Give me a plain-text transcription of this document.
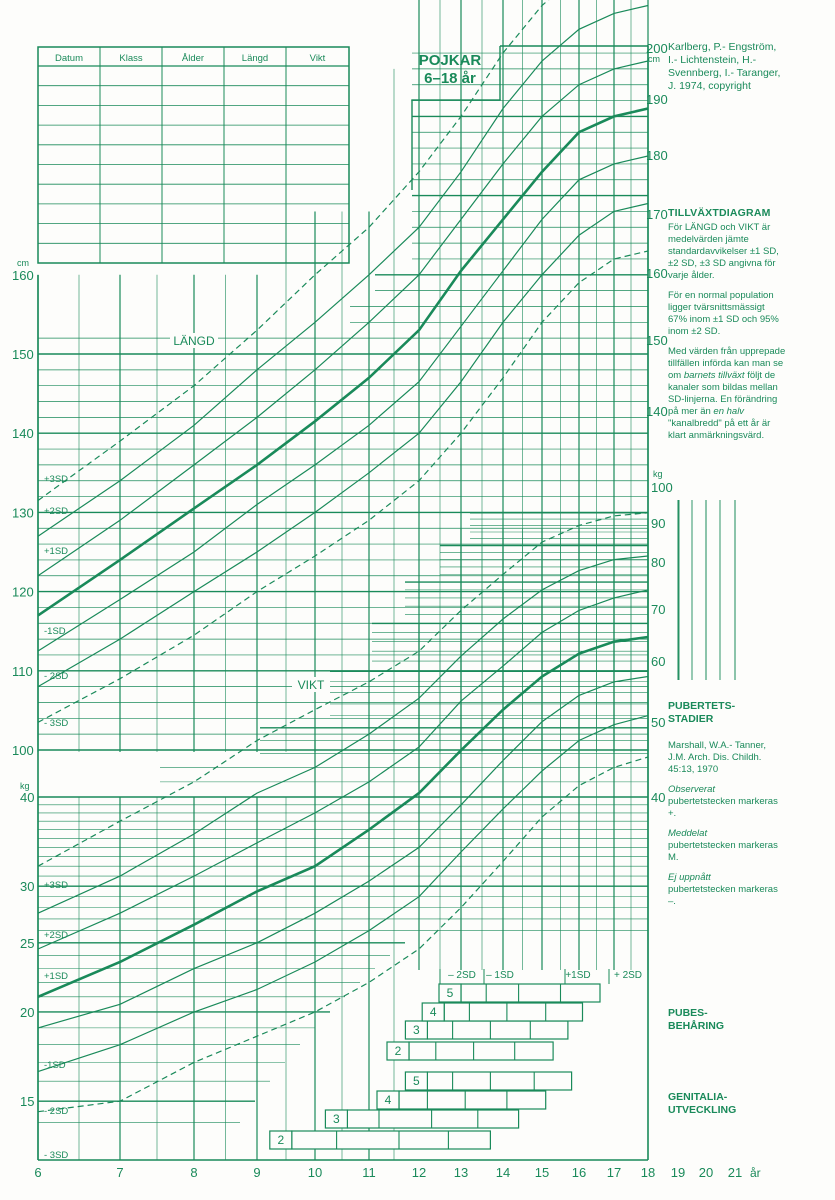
Datum	Klass	Ålder	Längd	Vikt
2
3
4
5
2
3
4
5
– 2SD – 1SD	+1SD + 2SD
100
110
120
130
140
150
160
cm
140
150
160
170
180
190
200
cm
15
20
25
30
40
kg
40
50
60
70
80
90
100
kg
6	7	8	9	10	11	12 13 14 15 16 17 18 19 20 21 år
+3SD
+2SD
+1SD
-1SD
- 2SD
- 3SD
+3SD
+2SD
+1SD
-1SD
- 2SD
- 3SD
LÄNGD
VIKT
POJKAR
6–18 år
Karlberg, P.- Engström, I.- Lichtenstein, H.- Svennberg, I.- Taranger, J. 1974, copyright
TILLVÄXTDIAGRAM

För LÄNGD och VIKT är medelvärden jämte standardavvikelser ±1 SD, ±2 SD, ±3 SD angivna för varje ålder.

För en normal population ligger tvärsnittsmässigt 67% inom ±1 SD och 95% inom ±2 SD.

Med värden från upprepade tillfällen införda kan man se om barnets tillväxt följt de kanaler som bildas mellan SD-linjerna. En förändring på mer än en halv "kanalbredd" på ett år är klart anmärkningsvärd.

PUBERTETS-
STADIER

Marshall, W.A.- Tanner, J.M. Arch. Dis. Childh. 45:13, 1970

Observerat
pubertetstecken markeras +.

Meddelat
pubertetstecken markeras M.

Ej uppnått
pubertetstecken markeras –.

PUBES-
BEHÅRING
GENITALIA-
UTVECKLING
